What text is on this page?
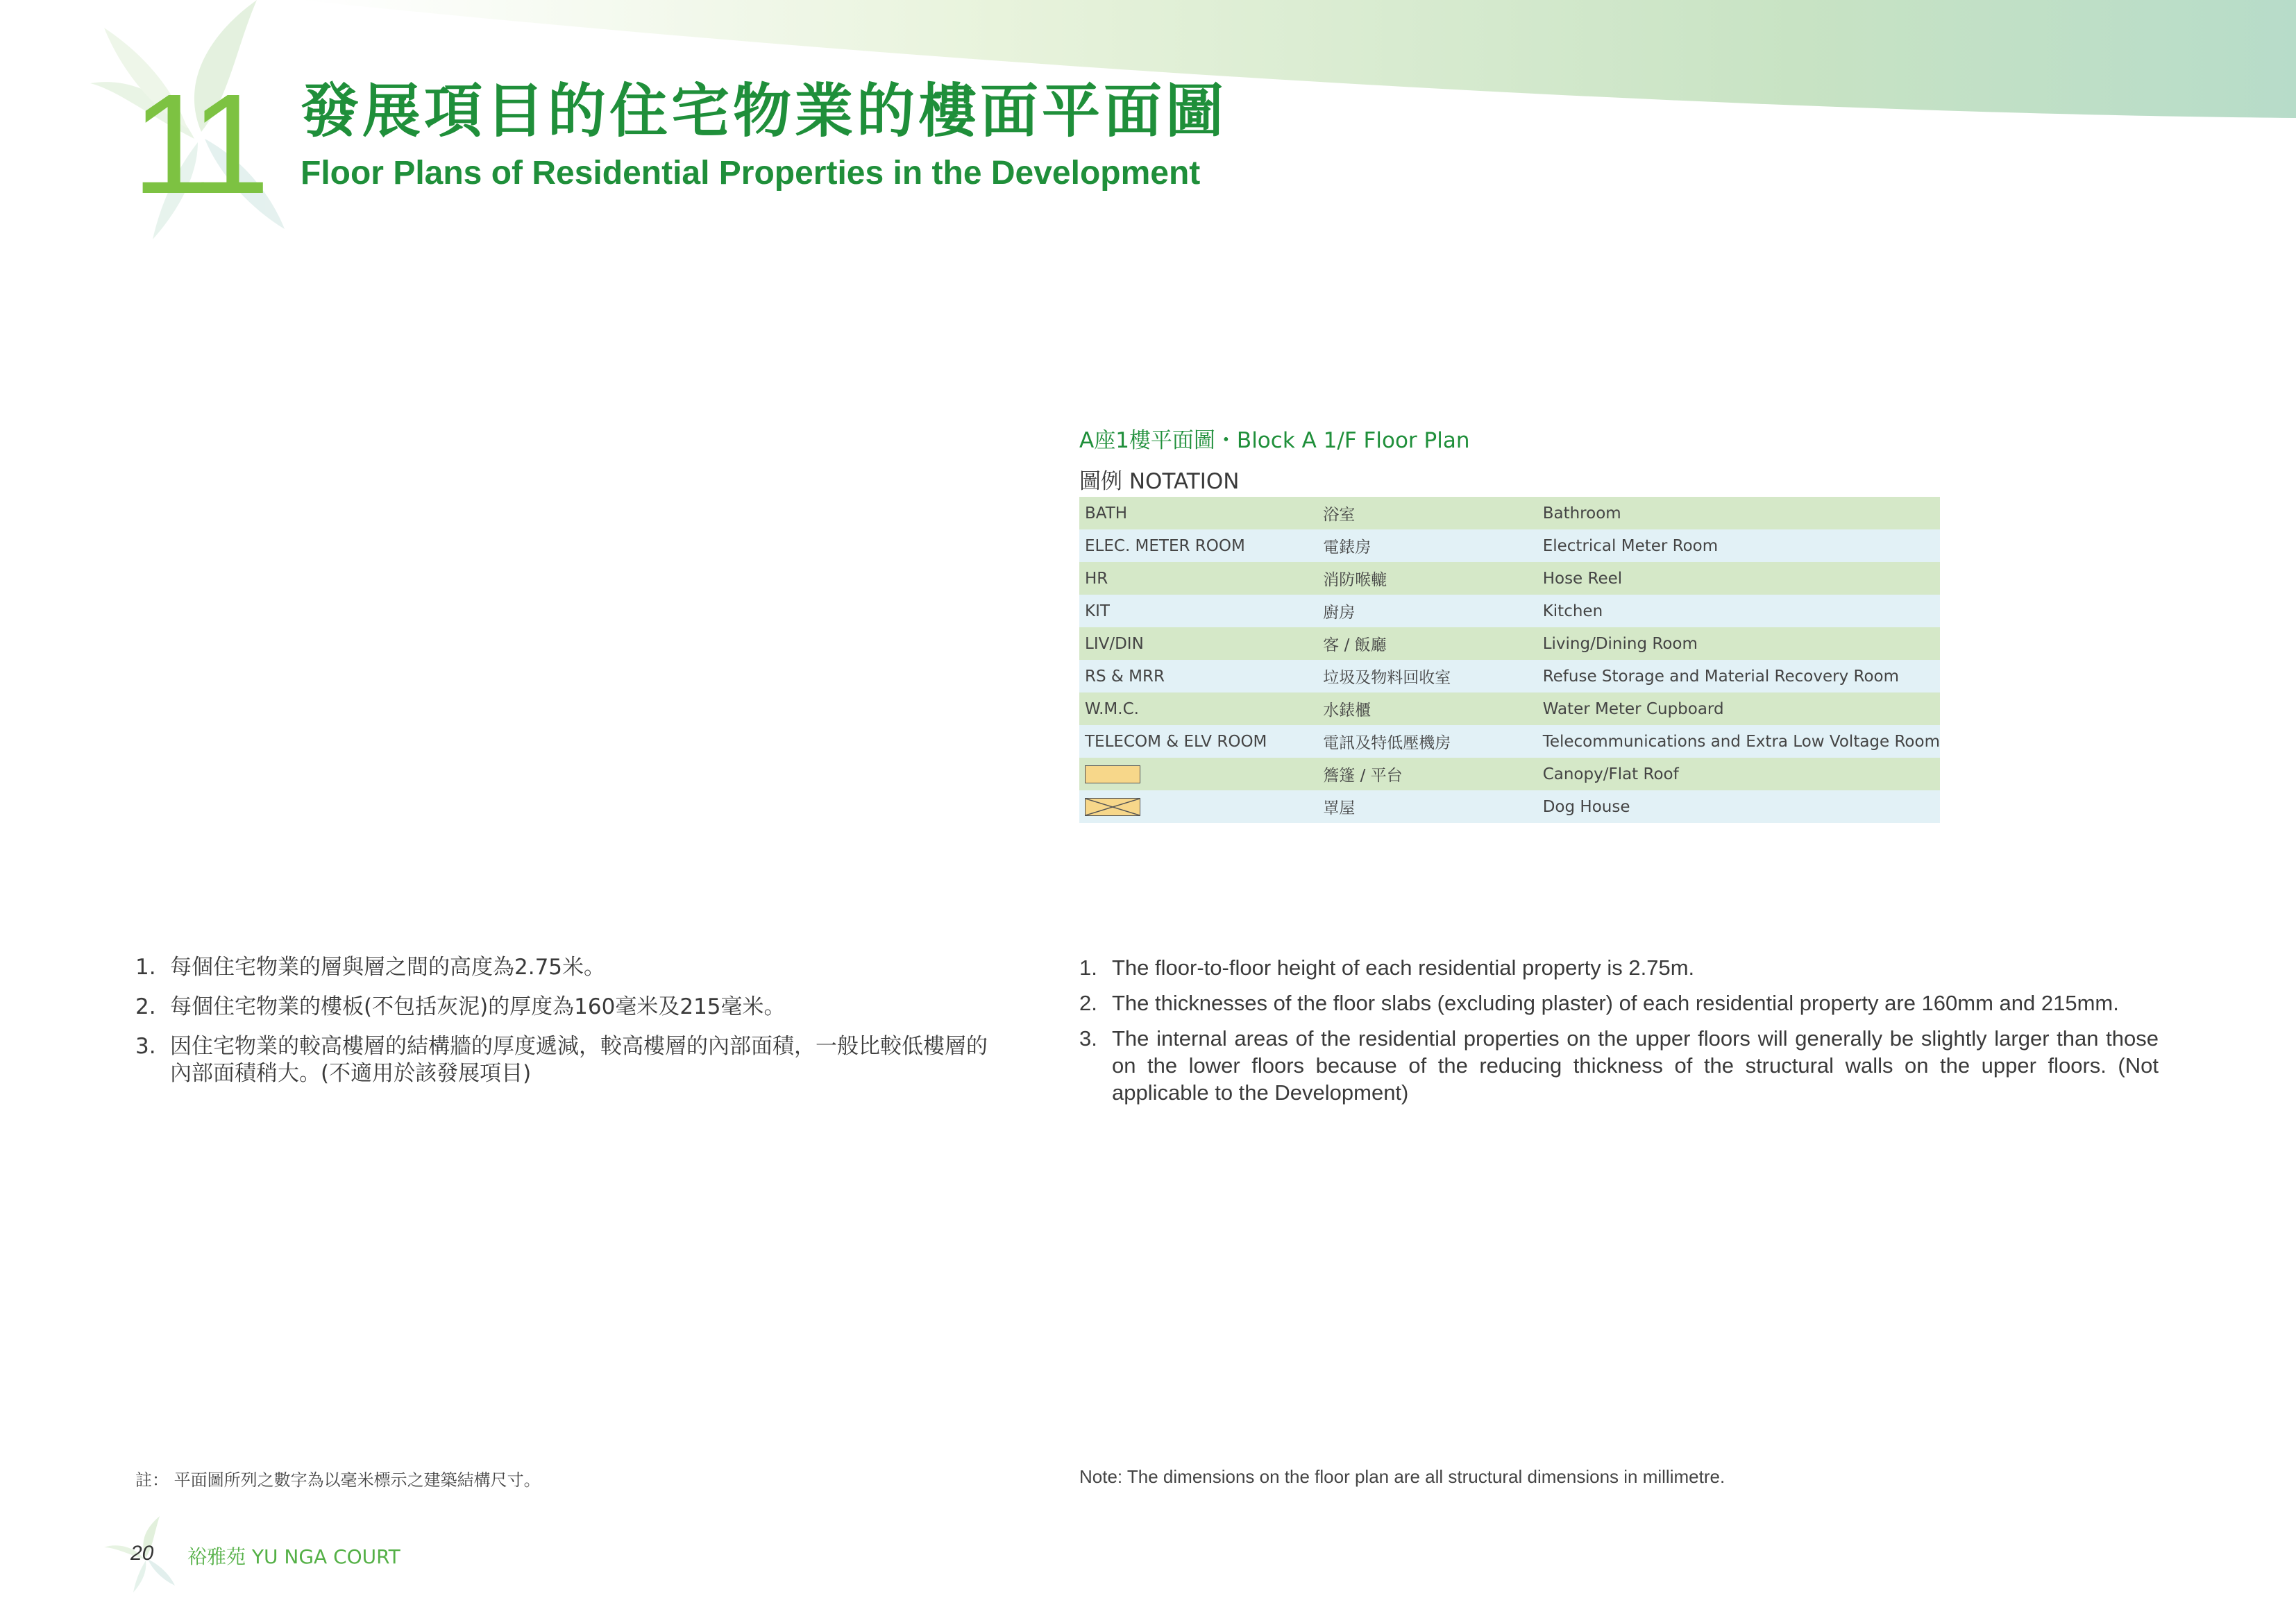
11 發展項目的住宅物業的樓面平面圖
Floor Plans of Residential Properties in the Development
A座1樓平面圖・Block A 1/F Floor Plan
圖例 NOTATION
BATH	浴室	Bathroom
ELEC. METER ROOM	電錶房	Electrical Meter Room
HR	消防喉轆	Hose Reel
KIT	廚房	Kitchen
LIV/DIN	客 / 飯廳	Living/Dining Room
RS & MRR	垃圾及物料回收室	Refuse Storage and Material Recovery Room
W.M.C.	水錶櫃	Water Meter Cupboard
TELECOM & ELV ROOM	電訊及特低壓機房	Telecommunications and Extra Low Voltage Room
	簷篷 / 平台	Canopy/Flat Roof

	罩屋	Dog House
1. 每個住宅物業的層與層之間的高度為2.75米。
2. 每個住宅物業的樓板(不包括灰泥)的厚度為160毫米及215毫米。
3. 因住宅物業的較高樓層的結構牆的厚度遞減，較高樓層的內部面積，一般比較低樓層的內部面積稍大。(不適用於該發展項目)
1. The floor-to-floor height of each residential property is 2.75m.
2. The thicknesses of the floor slabs (excluding plaster) of each residential property are 160mm and 215mm.
3. The internal areas of the residential properties on the upper floors will generally be slightly larger than those on the lower floors because of the reducing thickness of the structural walls on the upper floors. (Not applicable to the Development)
註： 平面圖所列之數字為以毫米標示之建築結構尺寸。	Note: The dimensions on the floor plan are all structural dimensions in millimetre.
20 裕雅苑 YU NGA COURT
